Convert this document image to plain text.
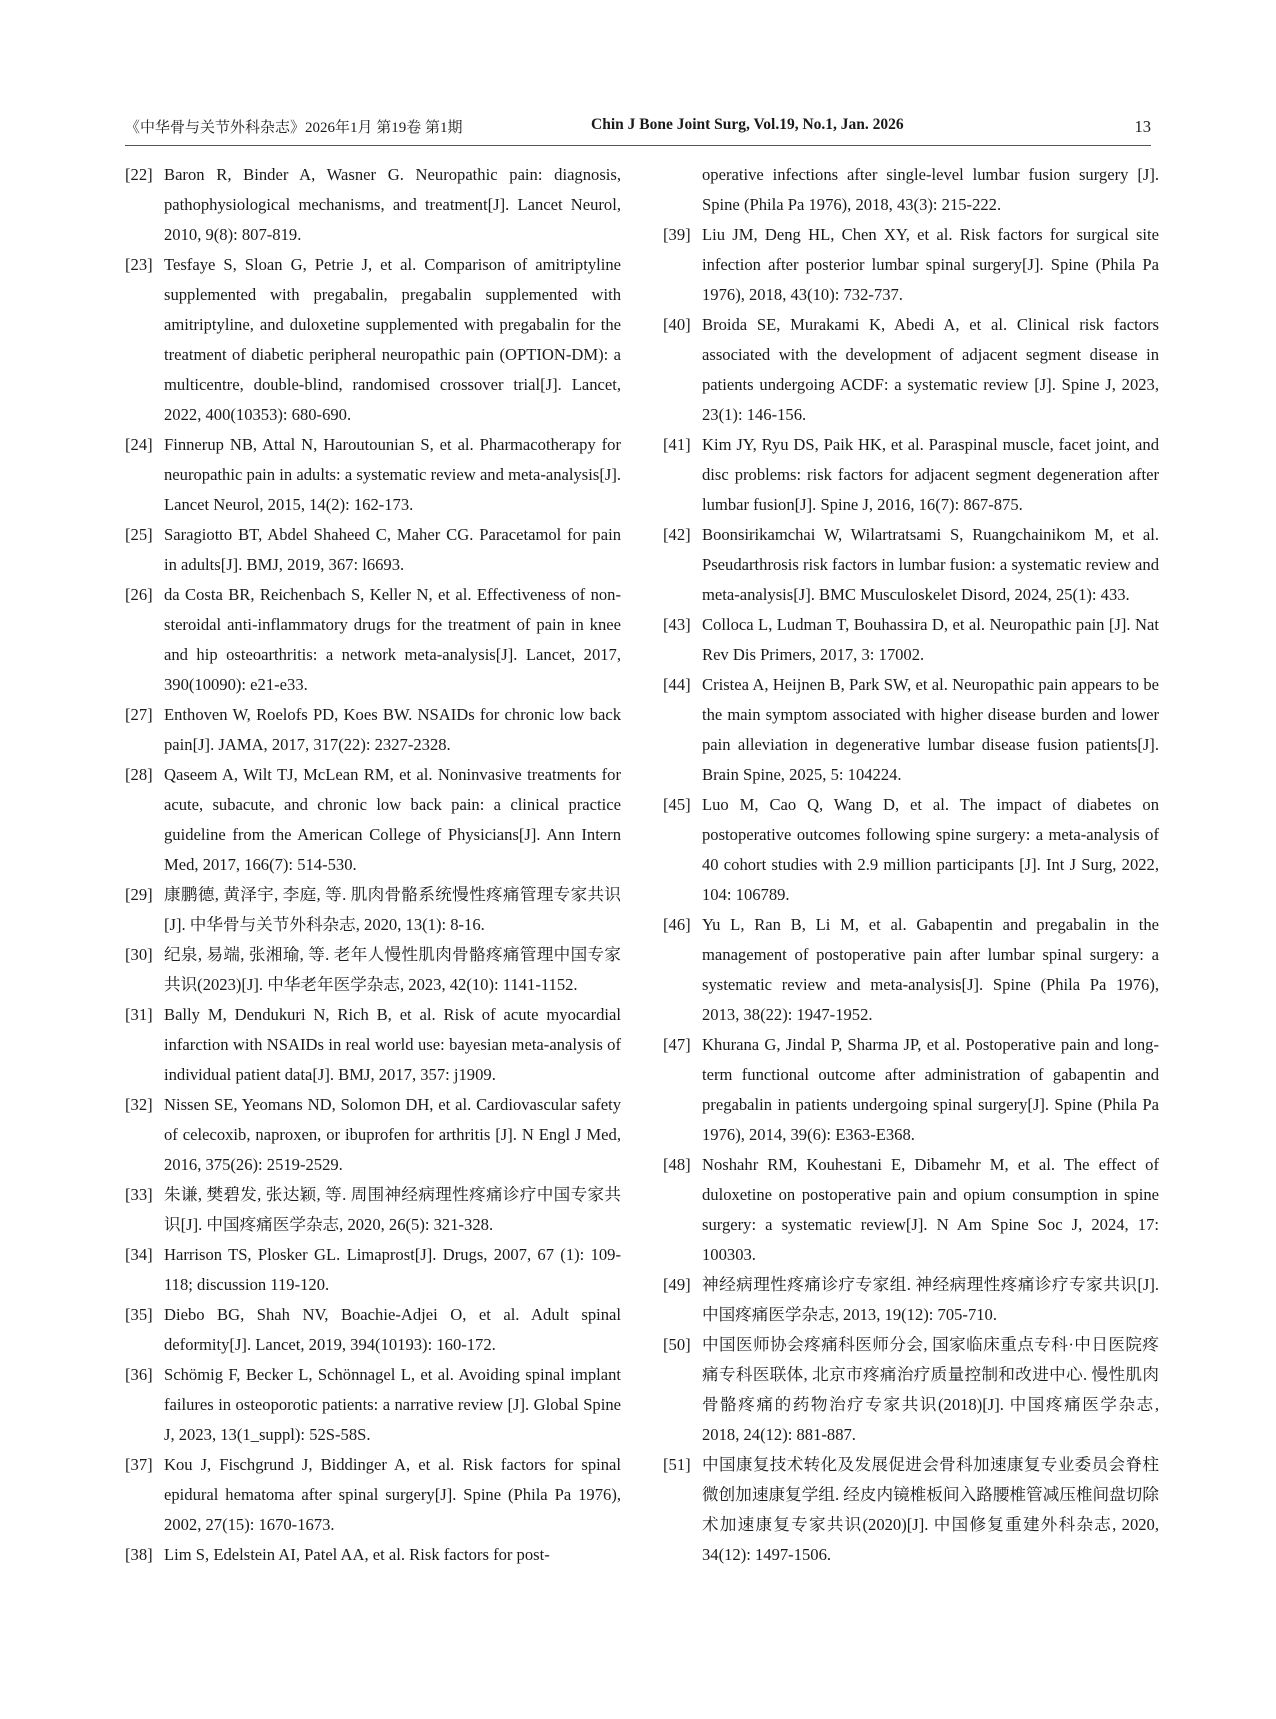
《中华骨与关节外科杂志》2026年1月 第19卷 第1期	Chin J Bone Joint Surg, Vol.19, No.1, Jan. 2026	13
[22] Baron R, Binder A, Wasner G. Neuropathic pain: diagnosis, pathophysiological mechanisms, and treatment[J]. Lancet Neurol, 2010, 9(8): 807-819.
[23] Tesfaye S, Sloan G, Petrie J, et al. Comparison of amitriptyline supplemented with pregabalin, pregabalin supplemented with amitriptyline, and duloxetine supplemented with pregabalin for the treatment of diabetic peripheral neuropathic pain (OPTION-DM): a multicentre, double-blind, randomised crossover trial[J]. Lancet, 2022, 400(10353): 680-690.
[24] Finnerup NB, Attal N, Haroutounian S, et al. Pharmacotherapy for neuropathic pain in adults: a systematic review and meta-analysis[J]. Lancet Neurol, 2015, 14(2): 162-173.
[25] Saragiotto BT, Abdel Shaheed C, Maher CG. Paracetamol for pain in adults[J]. BMJ, 2019, 367: l6693.
[26] da Costa BR, Reichenbach S, Keller N, et al. Effectiveness of non-steroidal anti-inflammatory drugs for the treatment of pain in knee and hip osteoarthritis: a network meta-analysis[J]. Lancet, 2017, 390(10090): e21-e33.
[27] Enthoven W, Roelofs PD, Koes BW. NSAIDs for chronic low back pain[J]. JAMA, 2017, 317(22): 2327-2328.
[28] Qaseem A, Wilt TJ, McLean RM, et al. Noninvasive treatments for acute, subacute, and chronic low back pain: a clinical practice guideline from the American College of Physicians[J]. Ann Intern Med, 2017, 166(7): 514-530.
[29] 康鹏德, 黄泽宇, 李庭, 等. 肌肉骨骼系统慢性疼痛管理专家共识[J]. 中华骨与关节外科杂志, 2020, 13(1): 8-16.
[30] 纪泉, 易端, 张湘瑜, 等. 老年人慢性肌肉骨骼疼痛管理中国专家共识(2023)[J]. 中华老年医学杂志, 2023, 42(10): 1141-1152.
[31] Bally M, Dendukuri N, Rich B, et al. Risk of acute myocardial infarction with NSAIDs in real world use: bayesian meta-analysis of individual patient data[J]. BMJ, 2017, 357: j1909.
[32] Nissen SE, Yeomans ND, Solomon DH, et al. Cardiovascular safety of celecoxib, naproxen, or ibuprofen for arthritis [J]. N Engl J Med, 2016, 375(26): 2519-2529.
[33] 朱谦, 樊碧发, 张达颖, 等. 周围神经病理性疼痛诊疗中国专家共识[J]. 中国疼痛医学杂志, 2020, 26(5): 321-328.
[34] Harrison TS, Plosker GL. Limaprost[J]. Drugs, 2007, 67 (1): 109-118; discussion 119-120.
[35] Diebo BG, Shah NV, Boachie-Adjei O, et al. Adult spinal deformity[J]. Lancet, 2019, 394(10193): 160-172.
[36] Schömig F, Becker L, Schönnagel L, et al. Avoiding spinal implant failures in osteoporotic patients: a narrative review [J]. Global Spine J, 2023, 13(1_suppl): 52S-58S.
[37] Kou J, Fischgrund J, Biddinger A, et al. Risk factors for spinal epidural hematoma after spinal surgery[J]. Spine (Phila Pa 1976), 2002, 27(15): 1670-1673.
[38] Lim S, Edelstein AI, Patel AA, et al. Risk factors for post-
operative infections after single-level lumbar fusion surgery [J]. Spine (Phila Pa 1976), 2018, 43(3): 215-222.
[39] Liu JM, Deng HL, Chen XY, et al. Risk factors for surgical site infection after posterior lumbar spinal surgery[J]. Spine (Phila Pa 1976), 2018, 43(10): 732-737.
[40] Broida SE, Murakami K, Abedi A, et al. Clinical risk factors associated with the development of adjacent segment disease in patients undergoing ACDF: a systematic review [J]. Spine J, 2023, 23(1): 146-156.
[41] Kim JY, Ryu DS, Paik HK, et al. Paraspinal muscle, facet joint, and disc problems: risk factors for adjacent segment degeneration after lumbar fusion[J]. Spine J, 2016, 16(7): 867-875.
[42] Boonsirikamchai W, Wilartratsami S, Ruangchainikom M, et al. Pseudarthrosis risk factors in lumbar fusion: a systematic review and meta-analysis[J]. BMC Musculoskelet Disord, 2024, 25(1): 433.
[43] Colloca L, Ludman T, Bouhassira D, et al. Neuropathic pain [J]. Nat Rev Dis Primers, 2017, 3: 17002.
[44] Cristea A, Heijnen B, Park SW, et al. Neuropathic pain appears to be the main symptom associated with higher disease burden and lower pain alleviation in degenerative lumbar disease fusion patients[J]. Brain Spine, 2025, 5: 104224.
[45] Luo M, Cao Q, Wang D, et al. The impact of diabetes on postoperative outcomes following spine surgery: a meta-analysis of 40 cohort studies with 2.9 million participants [J]. Int J Surg, 2022, 104: 106789.
[46] Yu L, Ran B, Li M, et al. Gabapentin and pregabalin in the management of postoperative pain after lumbar spinal surgery: a systematic review and meta-analysis[J]. Spine (Phila Pa 1976), 2013, 38(22): 1947-1952.
[47] Khurana G, Jindal P, Sharma JP, et al. Postoperative pain and long-term functional outcome after administration of gabapentin and pregabalin in patients undergoing spinal surgery[J]. Spine (Phila Pa 1976), 2014, 39(6): E363-E368.
[48] Noshahr RM, Kouhestani E, Dibamehr M, et al. The effect of duloxetine on postoperative pain and opium consumption in spine surgery: a systematic review[J]. N Am Spine Soc J, 2024, 17: 100303.
[49] 神经病理性疼痛诊疗专家组. 神经病理性疼痛诊疗专家共识[J]. 中国疼痛医学杂志, 2013, 19(12): 705-710.
[50] 中国医师协会疼痛科医师分会, 国家临床重点专科·中日医院疼痛专科医联体, 北京市疼痛治疗质量控制和改进中心. 慢性肌肉骨骼疼痛的药物治疗专家共识(2018)[J]. 中国疼痛医学杂志, 2018, 24(12): 881-887.
[51] 中国康复技术转化及发展促进会骨科加速康复专业委员会脊柱微创加速康复学组. 经皮内镜椎板间入路腰椎管减压椎间盘切除术加速康复专家共识(2020)[J]. 中国修复重建外科杂志, 2020, 34(12): 1497-1506.
